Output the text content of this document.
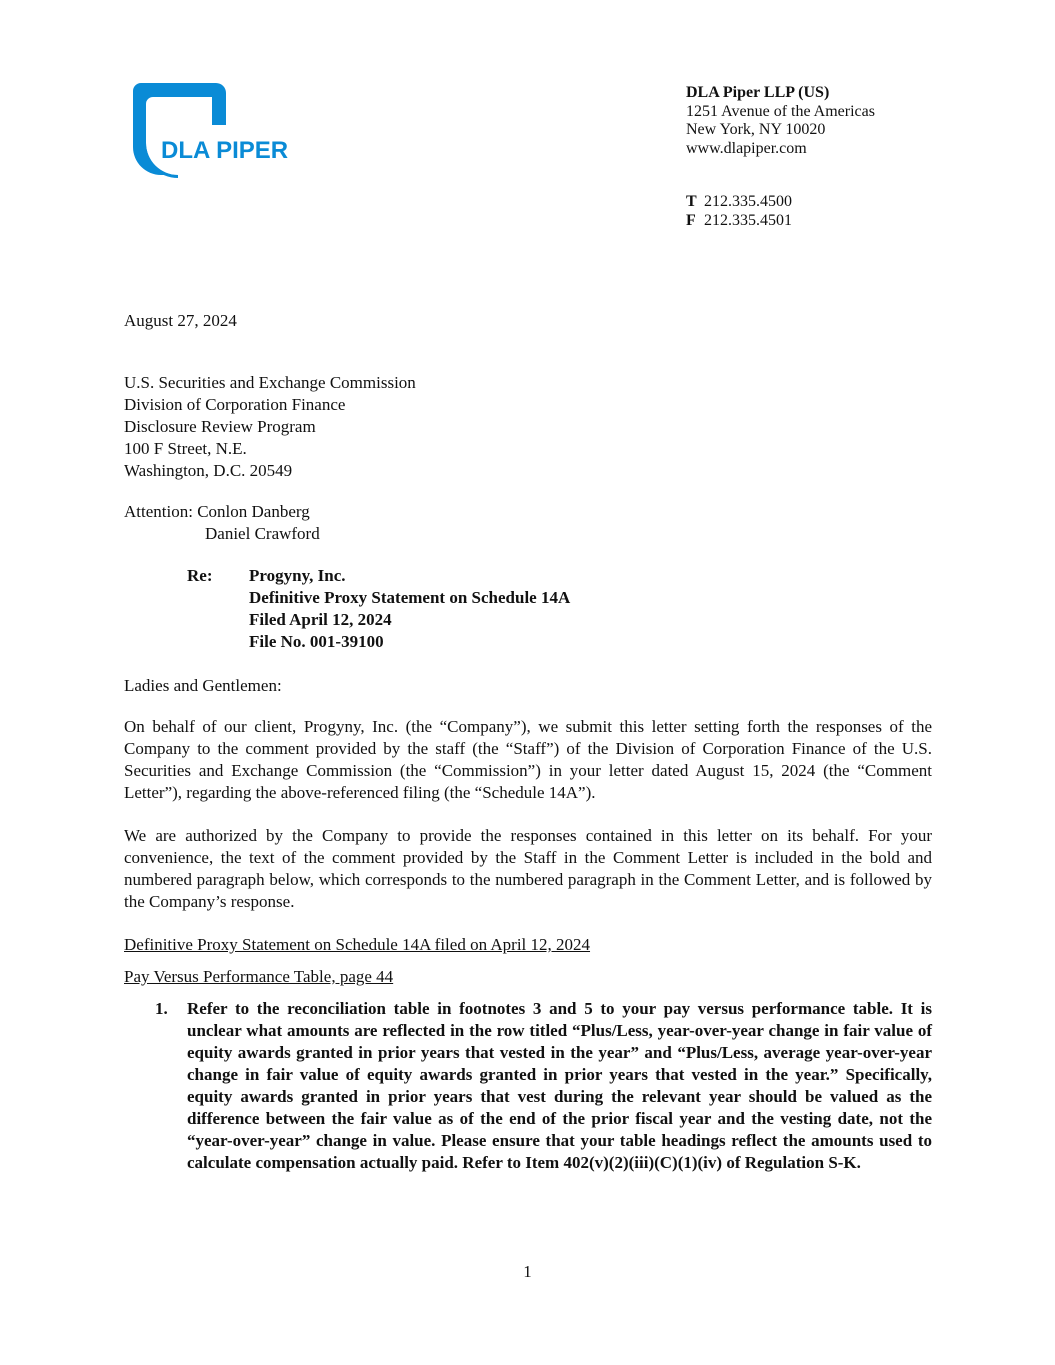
DLA PIPER
DLA Piper LLP (US)
1251 Avenue of the Americas
New York, NY 10020
www.dlapiper.com
T 212.335.4500
F 212.335.4501
August 27, 2024
U.S. Securities and Exchange Commission
Division of Corporation Finance
Disclosure Review Program
100 F Street, N.E.
Washington, D.C. 20549
Attention: Conlon Danberg
Daniel Crawford
Re: Progyny, Inc.
Definitive Proxy Statement on Schedule 14A
Filed April 12, 2024
File No. 001-39100
Ladies and Gentlemen:

On behalf of our client, Progyny, Inc. (the “Company”), we submit this letter setting forth the responses of the Company to the comment provided by the staff (the “Staff”) of the Division of Corporation Finance of the U.S. Securities and Exchange Commission (the “Commission”) in your letter dated August 15, 2024 (the “Comment Letter”), regarding the above-referenced filing (the “Schedule 14A”).

We are authorized by the Company to provide the responses contained in this letter on its behalf. For your convenience, the text of the comment provided by the Staff in the Comment Letter is included in the bold and numbered paragraph below, which corresponds to the numbered paragraph in the Comment Letter, and is followed by the Company’s response.

Definitive Proxy Statement on Schedule 14A filed on April 12, 2024
Pay Versus Performance Table, page 44
1. Refer to the reconciliation table in footnotes 3 and 5 to your pay versus performance table. It is unclear what amounts are reflected in the row titled “Plus/Less, year-over-year change in fair value of equity awards granted in prior years that vested in the year” and “Plus/Less, average year-over-year change in fair value of equity awards granted in prior years that vested in the year.” Specifically, equity awards granted in prior years that vest during the relevant year should be valued as the difference between the fair value as of the end of the prior fiscal year and the vesting date, not the “year-over-year” change in value. Please ensure that your table headings reflect the amounts used to calculate compensation actually paid. Refer to Item 402(v)(2)(iii)(C)(1)(iv) of Regulation S-K.

1
